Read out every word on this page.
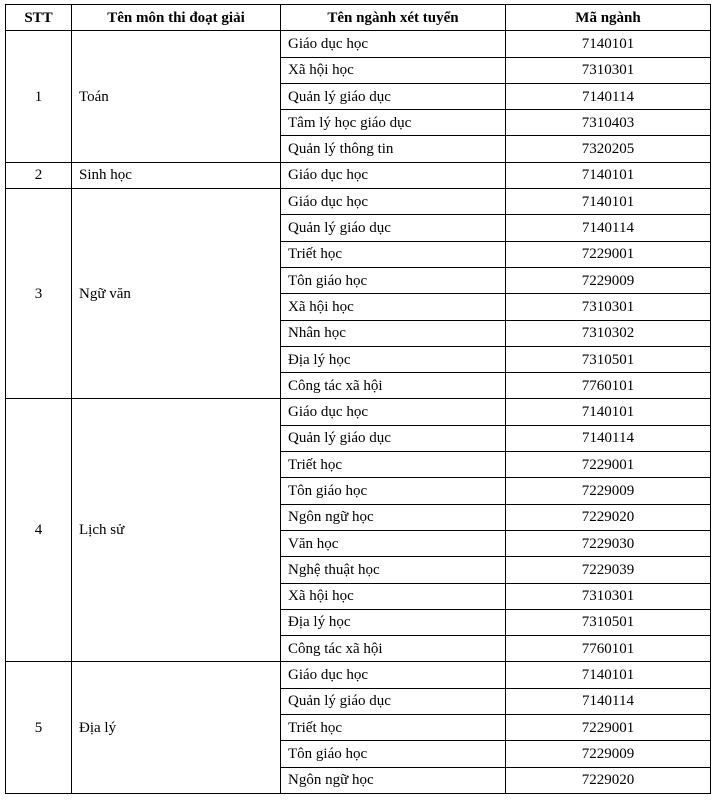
STT	Tên môn thi đoạt giải	Tên ngành xét tuyển	Mã ngành
1	Toán	Giáo dục học	7140101
		Xã hội học	7310301
		Quản lý giáo dục	7140114
		Tâm lý học giáo dục	7310403
		Quản lý thông tin	7320205
2	Sinh học	Giáo dục học	7140101
3	Ngữ văn	Giáo dục học	7140101
		Quản lý giáo dục	7140114
		Triết học	7229001
		Tôn giáo học	7229009
		Xã hội học	7310301
		Nhân học	7310302
		Địa lý học	7310501
		Công tác xã hội	7760101
4	Lịch sử	Giáo dục học	7140101
		Quản lý giáo dục	7140114
		Triết học	7229001
		Tôn giáo học	7229009
		Ngôn ngữ học	7229020
		Văn học	7229030
		Nghệ thuật học	7229039
		Xã hội học	7310301
		Địa lý học	7310501
		Công tác xã hội	7760101
5	Địa lý	Giáo dục học	7140101
		Quản lý giáo dục	7140114
		Triết học	7229001
		Tôn giáo học	7229009
		Ngôn ngữ học	7229020
